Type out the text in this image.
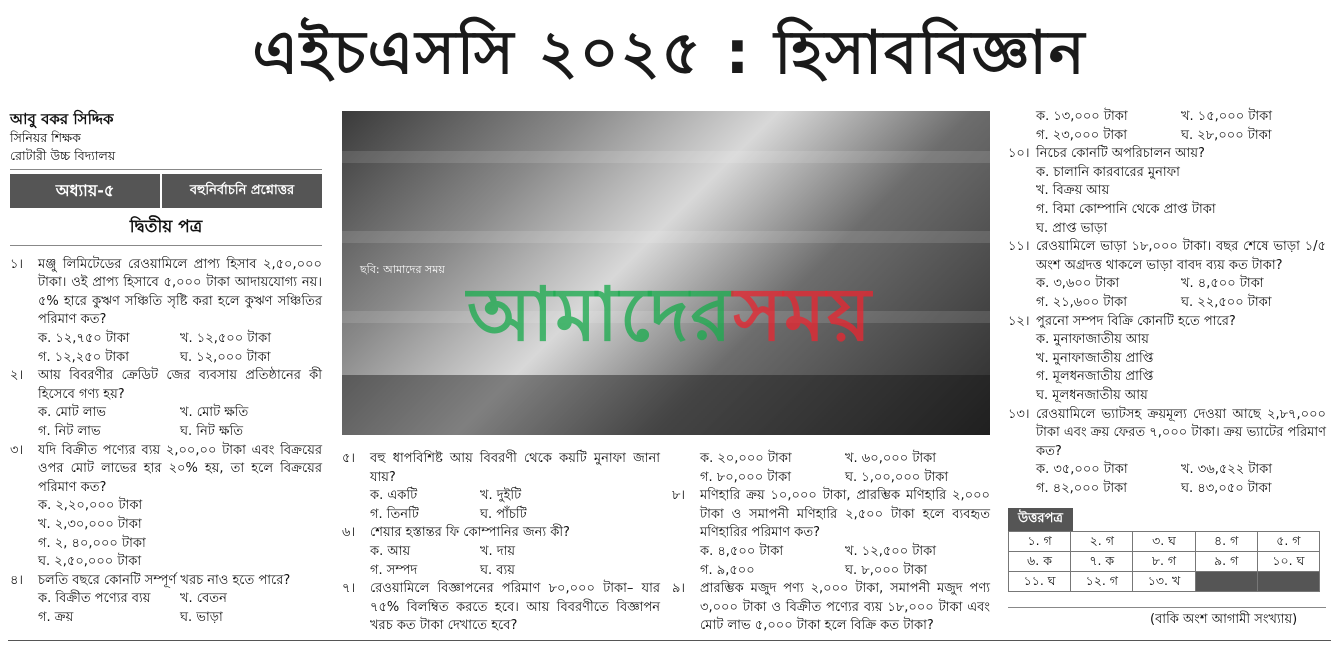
এইচএসসি ২০২৫ : হিসাববিজ্ঞান
আবু বকর সিদ্দিক
সিনিয়র শিক্ষক
রোটারী উচ্চ বিদ্যালয়
অধ্যায়-৫	বহুনির্বাচনি প্রশ্নোত্তর
দ্বিতীয় পত্র
১।	মঞ্জু লিমিটেডের রেওয়ামিলে প্রাপ্য হিসাব ২,৫০,০০০ টাকা। ওই প্রাপ্য হিসাবে ৫,০০০ টাকা আদায়যোগ্য নয়। ৫% হারে কুঋণ সঞ্চিতি সৃষ্টি করা হলে কুঋণ সঞ্চিতির পরিমাণ কত?
ক. ১২,৭৫০ টাকা	খ. ১২,৫০০ টাকা
গ. ১২,২৫০ টাকা	ঘ. ১২,০০০ টাকা
২।	আয় বিবরণীর ক্রেডিট জের ব্যবসায় প্রতিষ্ঠানের কী হিসেবে গণ্য হয়?
ক. মোট লাভ	খ. মোট ক্ষতি
গ. নিট লাভ	ঘ. নিট ক্ষতি
৩।	যদি বিক্রীত পণ্যের ব্যয় ২,০০,০০ টাকা এবং বিক্রয়ের ওপর মোট লাভের হার ২০% হয়, তা হলে বিক্রয়ের পরিমাণ কত?
ক. ২,২০,০০০ টাকা
খ. ২,৩০,০০০ টাকা
গ. ২, ৪০,০০০ টাকা
ঘ. ২,৫০,০০০ টাকা
৪।	চলতি বছরে কোনটি সম্পূর্ণ খরচ নাও হতে পারে?
ক. বিক্রীত পণ্যের ব্যয়	খ. বেতন
গ. ক্রয়	ঘ. ভাড়া
ছবি: আমাদের সময়
আমাদের সময়
৫।	বহু ধাপবিশিষ্ট আয় বিবরণী থেকে কয়টি মুনাফা জানা যায়?
ক. একটি	খ. দুইটি
গ. তিনটি	ঘ. পাঁচটি
৬।	শেয়ার হস্তান্তর ফি কোম্পানির জন্য কী?
ক. আয়	খ. দায়
গ. সম্পদ	ঘ. ব্যয়
৭।	রেওয়ামিলে বিজ্ঞাপনের পরিমাণ ৮০,০০০ টাকা– যার ৭৫% বিলম্বিত করতে হবে। আয় বিবরণীতে বিজ্ঞাপন খরচ কত টাকা দেখাতে হবে?
ক. ২০,০০০ টাকা	খ. ৬০,০০০ টাকা
গ. ৮০,০০০ টাকা	ঘ. ১,০০,০০০ টাকা
৮।	মণিহারি ক্রয় ১০,০০০ টাকা, প্রারম্ভিক মণিহারি ২,০০০ টাকা ও সমাপনী মণিহারি ২,৫০০ টাকা হলে ব্যবহৃত মণিহারির পরিমাণ কত?
ক. ৪,৫০০ টাকা	খ. ১২,৫০০ টাকা
গ. ৯,৫০০	ঘ. ৮,০০০ টাকা
৯।	প্রারম্ভিক মজুদ পণ্য ২,০০০ টাকা, সমাপনী মজুদ পণ্য ৩,০০০ টাকা ও বিক্রীত পণ্যের ব্যয় ১৮,০০০ টাকা এবং মোট লাভ ৫,০০০ টাকা হলে বিক্রি কত টাকা?
ক. ১৩,০০০ টাকা	খ. ১৫,০০০ টাকা
গ. ২৩,০০০ টাকা	ঘ. ২৮,০০০ টাকা
১০। নিচের কোনটি অপরিচালন আয়?
ক. চালানি কারবারের মুনাফা
খ. বিক্রয় আয়
গ. বিমা কোম্পানি থেকে প্রাপ্ত টাকা
ঘ. প্রাপ্ত ভাড়া
১১। রেওয়ামিলে ভাড়া ১৮,০০০ টাকা। বছর শেষে ভাড়া ১/৫ অংশ অগ্রদত্ত থাকলে ভাড়া বাবদ ব্যয় কত টাকা?
ক. ৩,৬০০ টাকা	খ. ৪,৫০০ টাকা
গ. ২১,৬০০ টাকা	ঘ. ২২,৫০০ টাকা
১২। পুরনো সম্পদ বিক্রি কোনটি হতে পারে?
ক. মুনাফাজাতীয় আয়
খ. মুনাফাজাতীয় প্রাপ্তি
গ. মূলধনজাতীয় প্রাপ্তি
ঘ. মূলধনজাতীয় আয়
১৩। রেওয়ামিলে ভ্যাটসহ ক্রয়মূল্য দেওয়া আছে ২,৮৭,০০০ টাকা এবং ক্রয় ফেরত ৭,০০০ টাকা। ক্রয় ভ্যাটের পরিমাণ কত?
ক. ৩৫,০০০ টাকা	খ. ৩৬,৫২২ টাকা
গ. ৪২,০০০ টাকা	ঘ. ৪৩,০৫০ টাকা
উত্তরপত্র
১. গ	২. গ	৩. ঘ	৪. গ	৫. গ
৬. ক	৭. ক	৮. গ	৯. গ	১০. ঘ
১১. ঘ	১২. গ	১৩. খ		
(বাকি অংশ আগামী সংখ্যায়)
